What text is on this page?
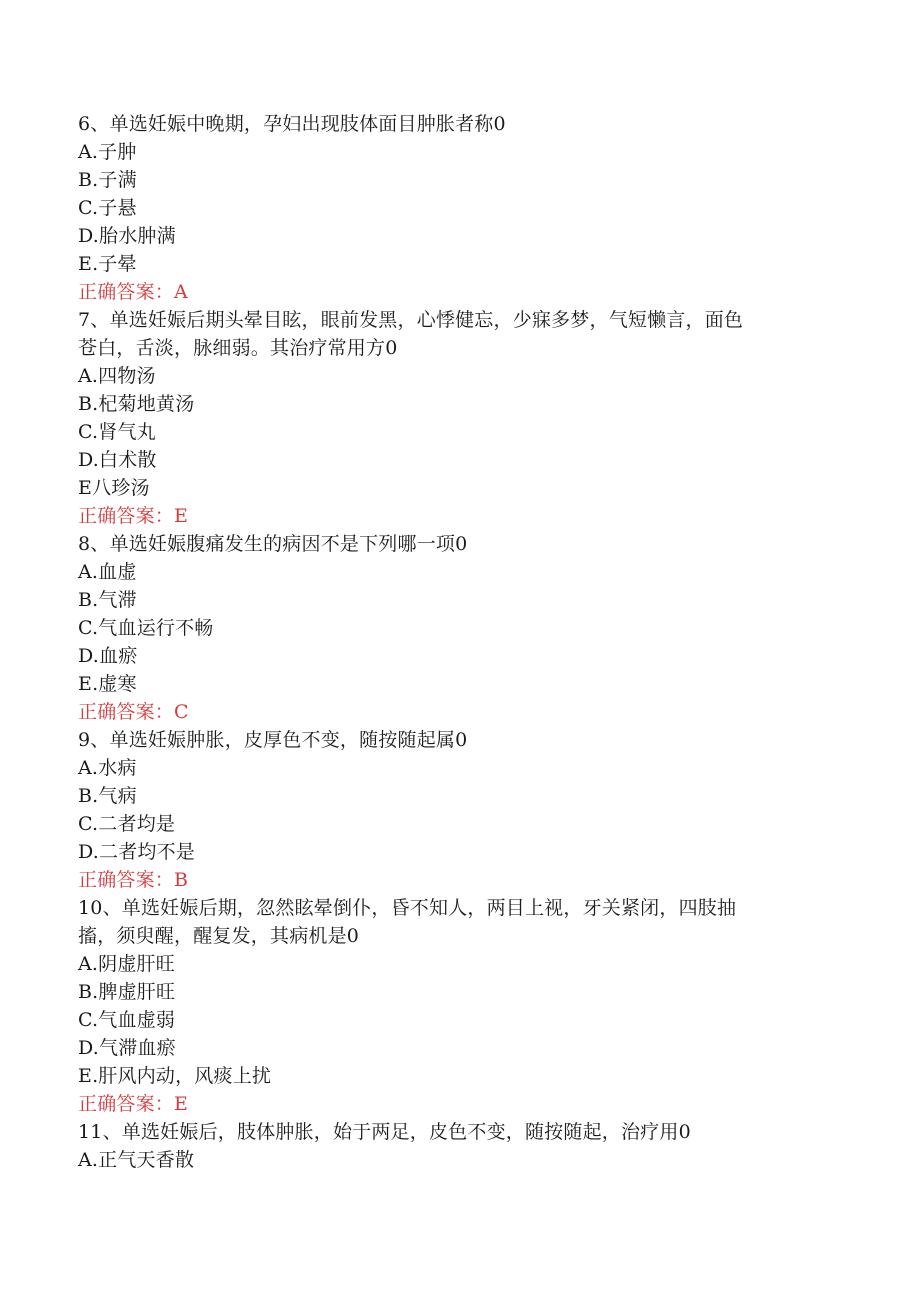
6、单选妊娠中晚期，孕妇出现肢体面目肿胀者称0
A.子肿
B.子满
C.子悬
D.胎水肿满
E.子晕
正确答案：A
7、单选妊娠后期头晕目眩，眼前发黑，心悸健忘，少寐多梦，气短懒言，面色
苍白，舌淡，脉细弱。其治疗常用方0
A.四物汤
B.杞菊地黄汤
C.肾气丸
D.白术散
E八珍汤
正确答案：E
8、单选妊娠腹痛发生的病因不是下列哪一项0
A.血虚
B.气滞
C.气血运行不畅
D.血瘀
E.虚寒
正确答案：C
9、单选妊娠肿胀，皮厚色不变，随按随起属0
A.水病
B.气病
C.二者均是
D.二者均不是
正确答案：B
10、单选妊娠后期，忽然眩晕倒仆，昏不知人，两目上视，牙关紧闭，四肢抽
搐，须臾醒，醒复发，其病机是0
A.阴虚肝旺
B.脾虚肝旺
C.气血虚弱
D.气滞血瘀
E.肝风内动，风痰上扰
正确答案：E
11、单选妊娠后，肢体肿胀，始于两足，皮色不变，随按随起，治疗用0
A.正气天香散
